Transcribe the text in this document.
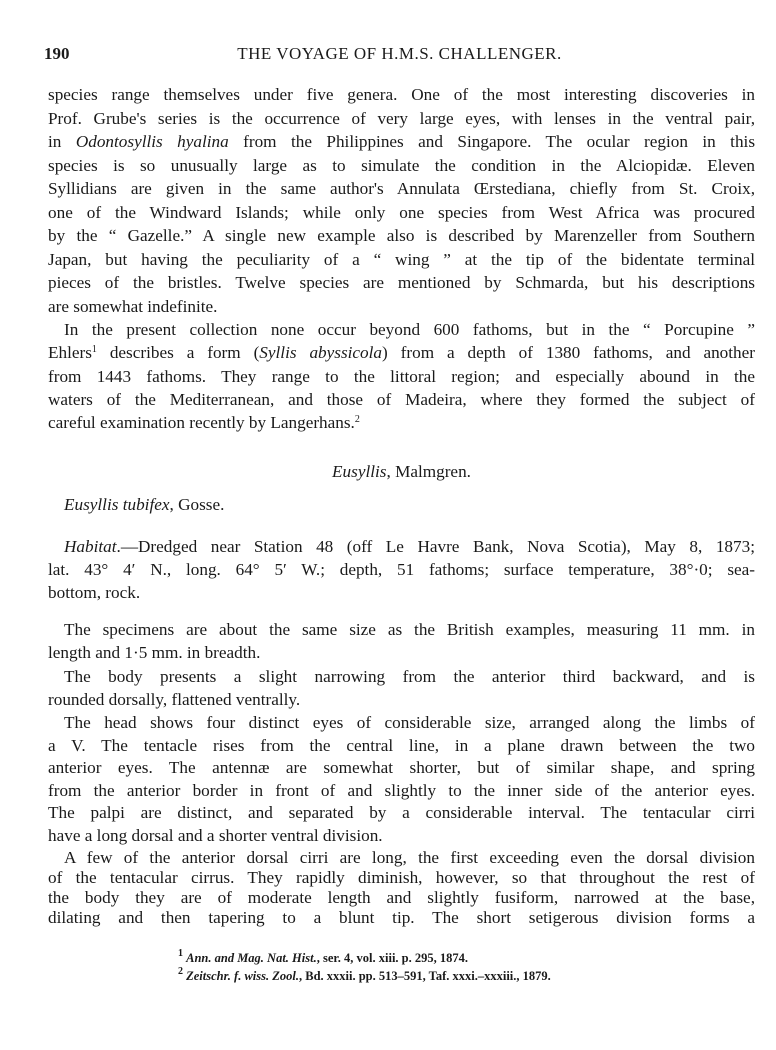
190	THE VOYAGE OF H.M.S. CHALLENGER.
species range themselves under five genera. One of the most interesting discoveries in
Prof. Grube's series is the occurrence of very large eyes, with lenses in the ventral pair,
in Odontosyllis hyalina from the Philippines and Singapore. The ocular region in this
species is so unusually large as to simulate the condition in the Alciopidæ. Eleven
Syllidians are given in the same author's Annulata Œrstediana, chiefly from St. Croix,
one of the Windward Islands; while only one species from West Africa was procured
by the “ Gazelle.” A single new example also is described by Marenzeller from Southern
Japan, but having the peculiarity of a “ wing ” at the tip of the bidentate terminal
pieces of the bristles. Twelve species are mentioned by Schmarda, but his descriptions
are somewhat indefinite.
In the present collection none occur beyond 600 fathoms, but in the “ Porcupine ”
Ehlers$^1$ describes a form (Syllis abyssicola) from a depth of 1380 fathoms, and another
from 1443 fathoms. They range to the littoral region; and especially abound in the
waters of the Mediterranean, and those of Madeira, where they formed the subject of
careful examination recently by Langerhans.$^2$
Eusyllis, Malmgren.
Eusyllis tubifex, Gosse.
Habitat.—Dredged near Station 48 (off Le Havre Bank, Nova Scotia), May 8, 1873;
lat. 43° 4′ N., long. 64° 5′ W.; depth, 51 fathoms; surface temperature, 38°·0; sea-
bottom, rock.
The specimens are about the same size as the British examples, measuring 11 mm. in
length and 1·5 mm. in breadth.
The body presents a slight narrowing from the anterior third backward, and is
rounded dorsally, flattened ventrally.
The head shows four distinct eyes of considerable size, arranged along the limbs of
a V. The tentacle rises from the central line, in a plane drawn between the two
anterior eyes. The antennæ are somewhat shorter, but of similar shape, and spring
from the anterior border in front of and slightly to the inner side of the anterior eyes.
The palpi are distinct, and separated by a considerable interval. The tentacular cirri
have a long dorsal and a shorter ventral division.
A few of the anterior dorsal cirri are long, the first exceeding even the dorsal division
of the tentacular cirrus. They rapidly diminish, however, so that throughout the rest of
the body they are of moderate length and slightly fusiform, narrowed at the base,
dilating and then tapering to a blunt tip. The short setigerous division forms a
$^1$ Ann. and Mag. Nat. Hist., ser. 4, vol. xiii. p. 295, 1874.
$^2$ Zeitschr. f. wiss. Zool., Bd. xxxii. pp. 513–591, Taf. xxxi.–xxxiii., 1879.
